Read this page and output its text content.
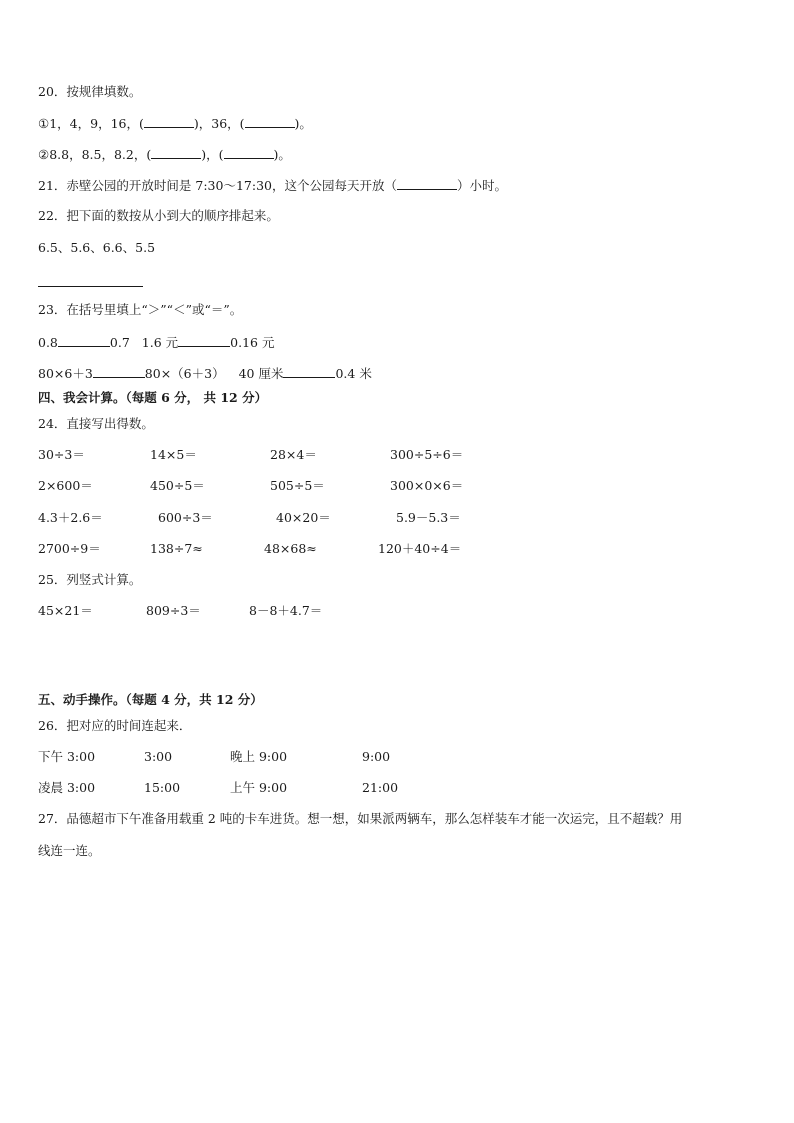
20．按规律填数。
①1，4，9，16，(	)，36，(	)。
②8.8，8.5，8.2，(	)，(	)。
21．赤壁公园的开放时间是 7:30～17:30，这个公园每天开放（	）小时。
22．把下面的数按从小到大的顺序排起来。
6.5、5.6、6.6、5.5
23．在括号里填上“＞”“＜”或“＝”。
0.8	0.7 1.6 元	0.16 元
80×6＋3	80×（6＋3） 40 厘米	0.4 米
四、我会计算。（每题 6 分， 共 12 分）
24．直接写出得数。
30÷3＝	14×5＝	28×4＝	300÷5÷6＝
2×600＝	450÷5＝	505÷5＝	300×0×6＝
4.3＋2.6＝	600÷3＝	40×20＝	5.9－5.3＝
2700÷9＝	138÷7≈	48×68≈	120＋40÷4＝
25．列竖式计算。
45×21＝	809÷3＝	8－8＋4.7＝
五、动手操作。（每题 4 分，共 12 分）
26．把对应的时间连起来．
下午 3:00	3:00	晚上 9:00	9:00
凌晨 3:00	15:00	上午 9:00	21:00
27．品德超市下午准备用载重 2 吨的卡车进货。想一想，如果派两辆车，那么怎样装车才能一次运完，且不超载？用
线连一连。
